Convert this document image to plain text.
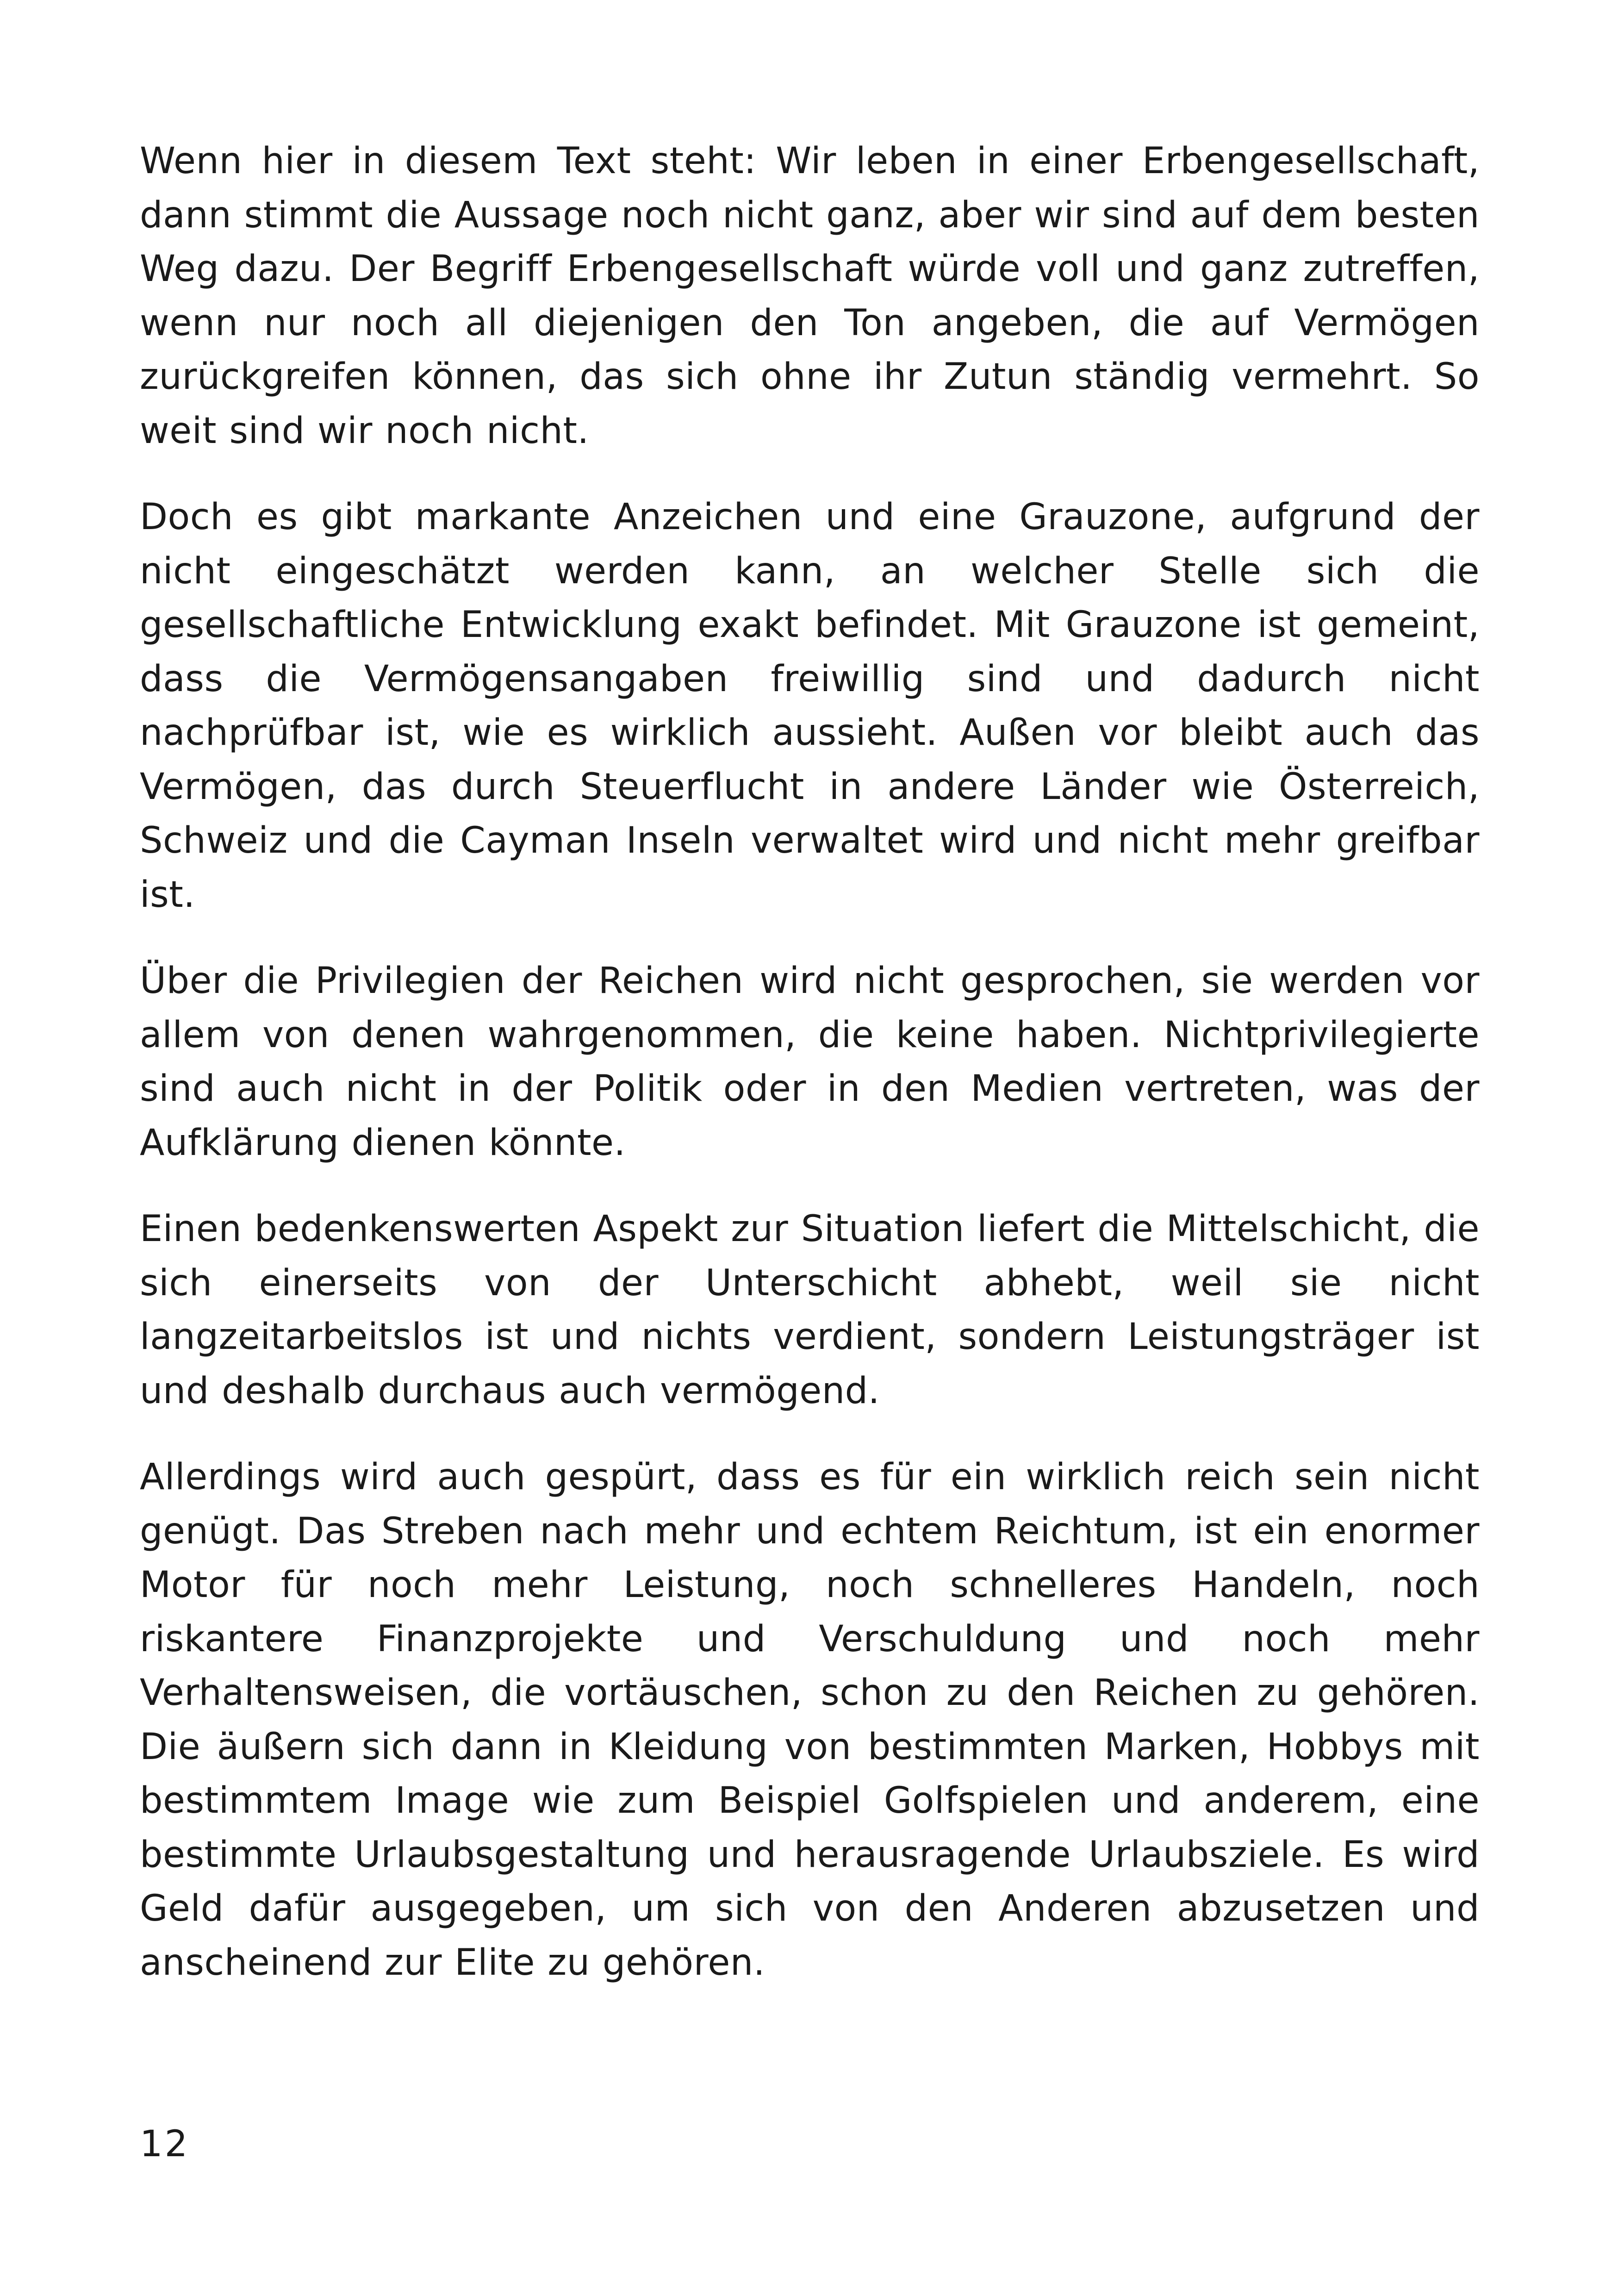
Wenn hier in diesem Text steht: Wir leben in einer Erbengesellschaft, dann stimmt die Aussage noch nicht ganz, aber wir sind auf dem besten Weg dazu. Der Begriff Erbengesellschaft würde voll und ganz zutreffen, wenn nur noch all diejenigen den Ton angeben, die auf Vermögen zurückgreifen können, das sich ohne ihr Zutun ständig vermehrt. So weit sind wir noch nicht.

Doch es gibt markante Anzeichen und eine Grauzone, aufgrund der nicht eingeschätzt werden kann, an welcher Stelle sich die gesellschaftliche Entwicklung exakt befindet. Mit Grauzone ist gemeint, dass die Vermögensangaben freiwillig sind und dadurch nicht nachprüfbar ist, wie es wirklich aussieht. Außen vor bleibt auch das Vermögen, das durch Steuerflucht in andere Länder wie Österreich, Schweiz und die Cayman Inseln verwaltet wird und nicht mehr greifbar ist.

Über die Privilegien der Reichen wird nicht gesprochen, sie werden vor allem von denen wahrgenommen, die keine haben. Nichtprivilegierte sind auch nicht in der Politik oder in den Medien vertreten, was der Aufklärung dienen könnte.

Einen bedenkenswerten Aspekt zur Situation liefert die Mittelschicht, die sich einerseits von der Unterschicht abhebt, weil sie nicht langzeitarbeitslos ist und nichts verdient, sondern Leistungsträger ist und deshalb durchaus auch vermögend.

Allerdings wird auch gespürt, dass es für ein wirklich reich sein nicht genügt. Das Streben nach mehr und echtem Reichtum, ist ein enormer Motor für noch mehr Leistung, noch schnelleres Handeln, noch riskantere Finanzprojekte und Verschuldung und noch mehr Verhaltensweisen, die vortäuschen, schon zu den Reichen zu gehören. Die äußern sich dann in Kleidung von bestimmten Marken, Hobbys mit bestimmtem Image wie zum Beispiel Golfspielen und anderem, eine bestimmte Urlaubsgestaltung und herausragende Urlaubsziele. Es wird Geld dafür ausgegeben, um sich von den Anderen abzusetzen und anscheinend zur Elite zu gehören.

12
